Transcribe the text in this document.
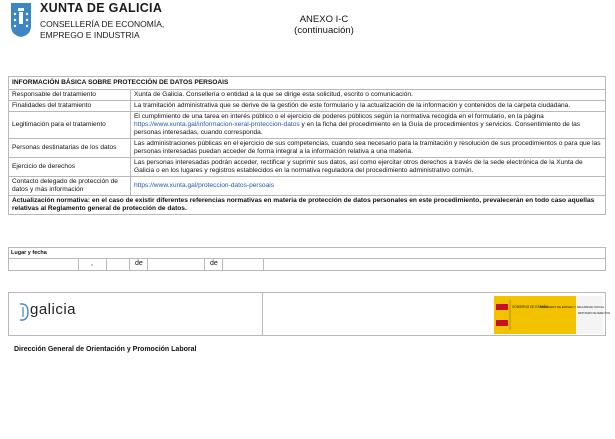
XUNTA DE GALICIA
CONSELLERÍA DE ECONOMÍA,
EMPREGO E INDUSTRIA
ANEXO I-C
(continuación)
INFORMACIÓN BÁSICA SOBRE PROTECCIÓN DE DATOS PERSOAIS	
Responsable del tratamiento	Xunta de Galicia. Consellería o entidad a la que se dirige esta solicitud, escrito o comunicación.
Finalidades del tratamiento	La tramitación administrativa que se derive de la gestión de este formulario y la actualización de la información y contenidos de la carpeta ciudadana.
Legitimación para el tratamiento	El cumplimiento de una tarea en interés público o el ejercicio de poderes públicos según la normativa recogida en el formulario, en la página https://www.xunta.gal/informacion-xeral-proteccion-datos y en la ficha del procedimiento en la Guía de procedimientos y servicios. Consentimiento de las personas interesadas, cuando corresponda.
Personas destinatarias de los datos	Las administraciones públicas en el ejercicio de sus competencias, cuando sea necesario para la tramitación y resolución de sus procedimientos o para que las personas interesadas puedan acceder de forma integral a la información relativa a una materia.
Ejercicio de derechos	Las personas interesadas podrán acceder, rectificar y suprimir sus datos, así como ejercitar otros derechos a través de la sede electrónica de la Xunta de Galicia o en los lugares y registros establecidos en la normativa reguladora del procedimiento administrativo común.
Contacto delegado de protección de datos y más información	https://www.xunta.gal/proteccion-datos-persoais
Actualización normativa: en el caso de existir diferentes referencias normativas en materia de protección de datos personales en este procedimiento, prevalecerán en todo caso aquellas relativas al Reglamento general de protección de datos.	
Lugar y fecha
,	de	de
galicia	GOBIERNO DE ESPAÑA
MINISTERIO DE EMPLEO Y SEGURIDAD SOCIAL
MINISTERIO DE DERECHOS
Dirección General de Orientación y Promoción Laboral
